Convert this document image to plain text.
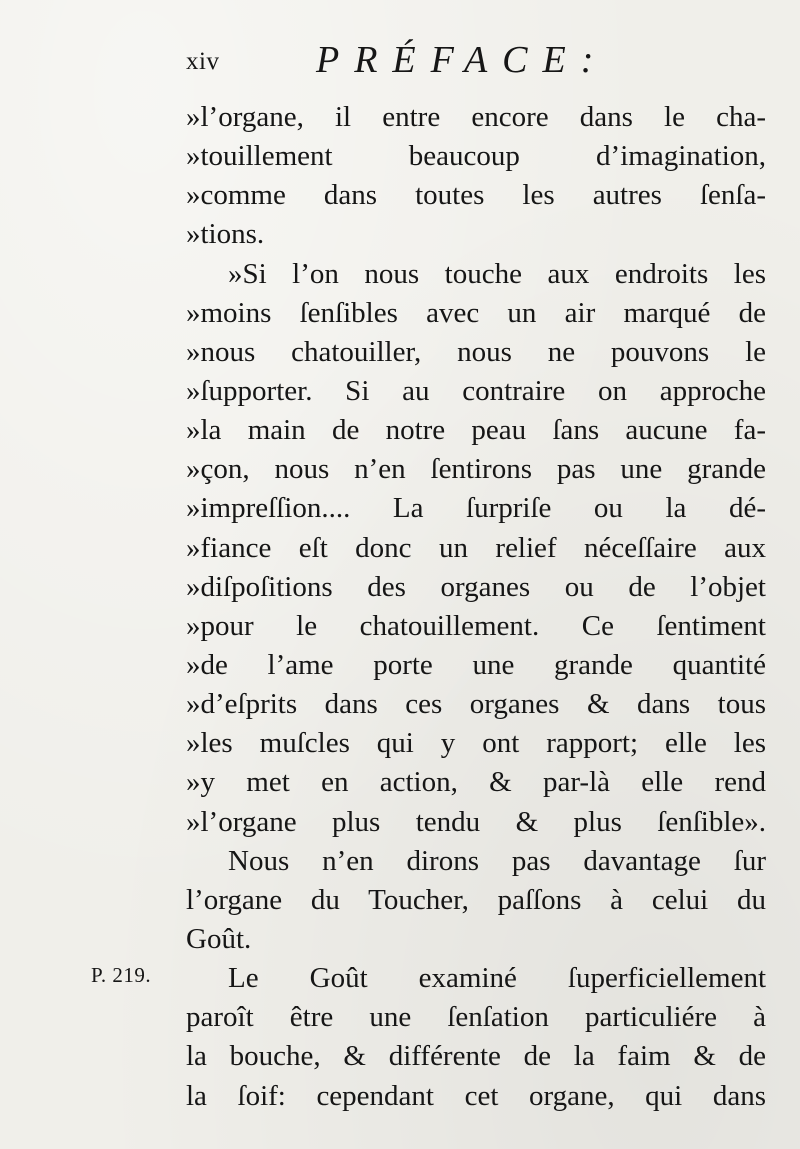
xiv	PRÉFACE:
P. 219.
»l’organe, il entre encore dans le cha-
»touillement beaucoup d’imagination,
»comme dans toutes les autres ſenſa-
»tions.
»Si l’on nous touche aux endroits les
»moins ſenſibles avec un air marqué de
»nous chatouiller, nous ne pouvons le
»ſupporter. Si au contraire on approche
»la main de notre peau ſans aucune fa-
»çon, nous n’en ſentirons pas une grande
»impreſſion.... La ſurpriſe ou la dé-
»fiance eſt donc un relief néceſſaire aux
»diſpoſitions des organes ou de l’objet
»pour le chatouillement. Ce ſentiment
»de l’ame porte une grande quantité
»d’eſprits dans ces organes & dans tous
»les muſcles qui y ont rapport; elle les
»y met en action, & par-là elle rend
»l’organe plus tendu & plus ſenſible».
Nous n’en dirons pas davantage ſur
l’organe du Toucher, paſſons à celui du
Goût.
Le Goût examiné ſuperficiellement
paroît être une ſenſation particuliére à
la bouche, & différente de la faim & de
la ſoif: cependant cet organe, qui dans
